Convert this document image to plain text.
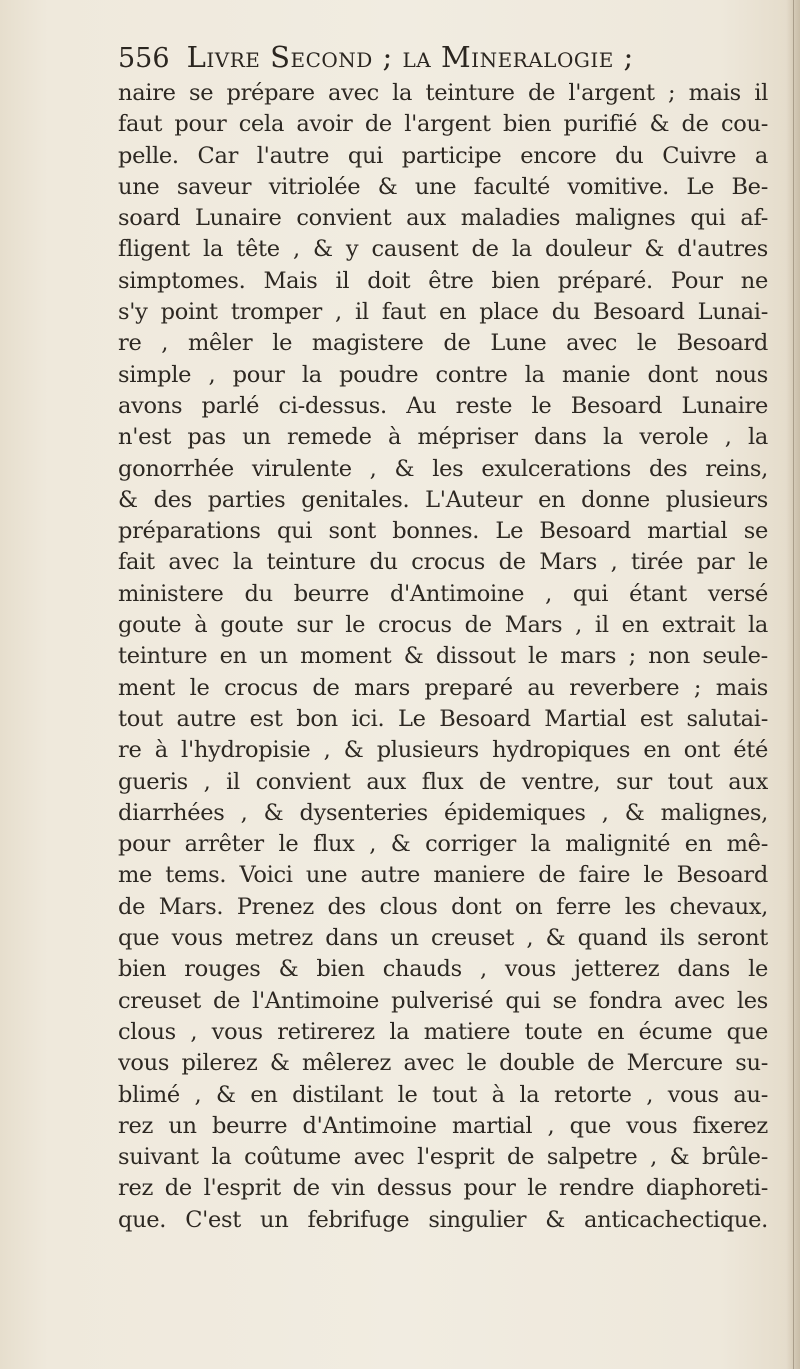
556 Livre Second ; la Mineralogie ;
naire se prépare avec la teinture de l'argent ; mais il
faut pour cela avoir de l'argent bien purifié & de cou-
pelle. Car l'autre qui participe encore du Cuivre a
une saveur vitriolée & une faculté vomitive. Le Be-
soard Lunaire convient aux maladies malignes qui af-
fligent la tête , & y causent de la douleur & d'autres
simptomes. Mais il doit être bien préparé. Pour ne
s'y point tromper , il faut en place du Besoard Lunai-
re , mêler le magistere de Lune avec le Besoard
simple , pour la poudre contre la manie dont nous
avons parlé ci-dessus. Au reste le Besoard Lunaire
n'est pas un remede à mépriser dans la verole , la
gonorrhée virulente , & les exulcerations des reins,
& des parties genitales. L'Auteur en donne plusieurs
préparations qui sont bonnes. Le Besoard martial se
fait avec la teinture du crocus de Mars , tirée par le
ministere du beurre d'Antimoine , qui étant versé
goute à goute sur le crocus de Mars , il en extrait la
teinture en un moment & dissout le mars ; non seule-
ment le crocus de mars preparé au reverbere ; mais
tout autre est bon ici. Le Besoard Martial est salutai-
re à l'hydropisie , & plusieurs hydropiques en ont été
gueris , il convient aux flux de ventre, sur tout aux
diarrhées , & dysenteries épidemiques , & malignes,
pour arrêter le flux , & corriger la malignité en mê-
me tems. Voici une autre maniere de faire le Besoard
de Mars. Prenez des clous dont on ferre les chevaux,
que vous metrez dans un creuset , & quand ils seront
bien rouges & bien chauds , vous jetterez dans le
creuset de l'Antimoine pulverisé qui se fondra avec les
clous , vous retirerez la matiere toute en écume que
vous pilerez & mêlerez avec le double de Mercure su-
blimé , & en distilant le tout à la retorte , vous au-
rez un beurre d'Antimoine martial , que vous fixerez
suivant la coûtume avec l'esprit de salpetre , & brûle-
rez de l'esprit de vin dessus pour le rendre diaphoreti-
que. C'est un febrifuge singulier & anticachectique.
